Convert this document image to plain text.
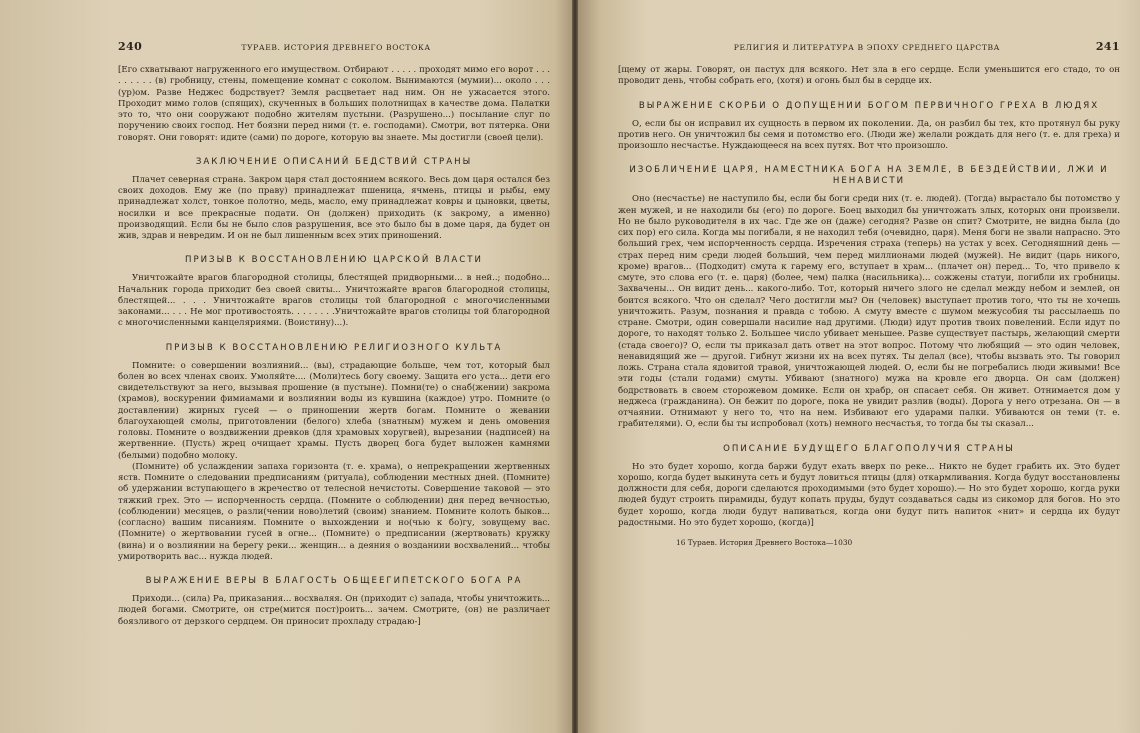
240	ТУРАЕВ. ИСТОРИЯ ДРЕВНЕГО ВОСТОКА

[Его схватывают нагруженного его имуществом. Отбирают . . . . . проходят мимо его ворот . . . . . . . . . (в) гробницу, стены, помещение комнат с соколом. Вынимаются (мумии)... около . . . (ур)ом. Разве Неджес бодрствует? Земля расцветает над ним. Он не ужасается этого. Проходит мимо голов (спящих), скученных в больших полотнищах в качестве дома. Палатки это то, что они сооружают подобно жителям пустыни. (Разрушено...) посылание слуг по поручению своих господ. Нет боязни перед ними (т. е. господами). Смотри, вот пятерка. Они говорят. Они говорят: идите (сами) по дороге, которую вы знаете. Мы достигли (своей цели).

ЗАКЛЮЧЕНИЕ ОПИСАНИЙ БЕДСТВИЙ СТРАНЫ

Плачет северная страна. Закром царя стал достоянием всякого. Весь дом царя остался без своих доходов. Ему же (по праву) принадлежат пшеница, ячмень, птицы и рыбы, ему принадлежат холст, тонкое полотно, медь, масло, ему принадлежат ковры и цыновки, цветы, носилки и все прекрасные подати. Он (должен) приходить (к закрому, а именно) производящий. Если бы не было слов разрушения, все это было бы в доме царя, да будет он жив, здрав и невредим. И он не был лишенным всех этих приношений.

ПРИЗЫВ К ВОССТАНОВЛЕНИЮ ЦАРСКОЙ ВЛАСТИ

Уничтожайте врагов благородной столицы, блестящей придворными... в ней..; подобно... Начальник города приходит без своей свиты... Уничтожайте врагов благородной столицы, блестящей... . . . Уничтожайте врагов столицы той благородной с многочисленными законами... . . . Не мог противостоять. . . . . . . .Уничтожайте врагов столицы той благородной с многочисленными канцеляриями. (Воистину)...).

ПРИЗЫВ К ВОССТАНОВЛЕНИЮ РЕЛИГИОЗНОГО КУЛЬТА

Помните: о совершении возлияний... (вы), страдающие больше, чем тот, который был болен во всех членах своих. Умоляйте.... (Моли)тесь богу своему. Защита его уста... дети его свидетельствуют за него, вызывая прошение (в пустыне). Помни(те) о снаб(жении) закрома (храмов), воскурении фимиамами и возлиянии воды из кувшина (каждое) утро. Помните (о доставлении) жирных гусей — о приношении жертв богам. Помните о жевании благоухающей смолы, приготовлении (белого) хлеба (знатным) мужем и день омовения головы. Помните о воздвижении древков (для храмовых хоругвей), вырезании (надписей) на жертвенние. (Пусть) жрец очищает храмы. Пусть дворец бога будет выложен камнями (белыми) подобно молоку.

(Помните) об услаждении запаха горизонта (т. е. храма), о непрекращении жертвенных яств. Помните о следовании предписаниям (ритуала), соблюдении местных дней. (Помните) об удержании вступающего в жречество от телесной нечистоты. Совершение таковой — это тяжкий грех. Это — испорченность сердца. (Помните о соблюдении) дня перед вечностью, (соблюдении) месяцев, о разли(чении ново)летий (своим) знанием. Помните колоть быков... (согласно) вашим писаниям. Помните о выхождении и но(чью к бо)гу, зовущему вас. (Помните) о жертвовании гусей в огне... (Помните) о предписании (жертвовать) кружку (вина) и о возлиянии на берегу реки... женщин... а деяния о возданиии восхвалений... чтобы умиротворить вас... нужда людей.

ВЫРАЖЕНИЕ ВЕРЫ В БЛАГОСТЬ ОБЩЕЕГИПЕТСКОГО БОГА РА

Приходи... (сила) Ра, приказания... восхваляя. Он (приходит с) запада, чтобы уничтожить... людей богами. Смотрите, он стре(мится пост)роить... зачем. Смотрите, (он) не различает боязливого от дерзкого сердцем. Он приносит прохладу страдаю-]

РЕЛИГИЯ И ЛИТЕРАТУРА В ЭПОХУ СРЕДНЕГО ЦАРСТВА	241

[щему от жары. Говорят, он пастух для всякого. Нет зла в его сердце. Если уменьшится его стадо, то он проводит день, чтобы собрать его, (хотя) и огонь был бы в сердце их.

ВЫРАЖЕНИЕ СКОРБИ О ДОПУЩЕНИИ БОГОМ ПЕРВИЧНОГО ГРЕХА В ЛЮДЯХ

О, если бы он исправил их сущность в первом их поколении. Да, он разбил бы тех, кто протянул бы руку против него. Он уничтожил бы семя и потомство его. (Люди же) желали рождать для него (т. е. для греха) и произошло несчастье. Нуждающееся на всех путях. Вот что произошло.

ИЗОБЛИЧЕНИЕ ЦАРЯ, НАМЕСТНИКА БОГА НА ЗЕМЛЕ, В БЕЗДЕЙСТВИИ, ЛЖИ И НЕНАВИСТИ

Оно (несчастье) не наступило бы, если бы боги среди них (т. е. людей). (Тогда) вырастало бы потомство у жен мужей, и не находили бы (его) по дороге. Боец выходил бы уничтожать злых, которых они произвели. Но не было руководителя в их час. Где же он (даже) сегодня? Разве он спит? Смотрите, не видна была (до сих пор) его сила. Когда мы погибали, я не находил тебя (очевидно, царя). Меня боги не звали напрасно. Это больший грех, чем испорченность сердца. Изречения страха (теперь) на устах у всех. Сегодняшний день — страх перед ним среди людей больший, чем перед миллионами людей (мужей). Не видит (царь никого, кроме) врагов... (Подходит) смута к гарему его, вступает в храм... (плачет он) перед... То, что привело к смуте, это слова его (т. е. царя) (более, чем) палка (насильника)... сожжены статуи, погибли их гробницы. Захвачены... Он видит день... какого-либо. Тот, который ничего злого не сделал между небом и землей, он боится всякого. Что он сделал? Чего достигли мы? Он (человек) выступает против того, что ты не хочешь уничтожить. Разум, познания и правда с тобою. А смуту вместе с шумом межусобия ты рассылаешь по стране. Смотри, один совершали насилие над другими. (Люди) идут против твоих повелений. Если идут по дороге, то находят только 2. Большее число убивает меньшее. Разве существует пастырь, желающий смерти (стада своего)? О, если ты приказал дать ответ на этот вопрос. Потому что любящий — это один человек, ненавидящий же — другой. Гибнут жизни их на всех путях. Ты делал (все), чтобы вызвать это. Ты говорил ложь. Страна стала ядовитой травой, уничтожающей людей. О, если бы не погребались люди живыми! Все эти годы (стали годами) смуты. Убивают (знатного) мужа на кровле его дворца. Он сам (должен) бодрствовать в своем сторожевом домике. Если он храбр, он спасает себя. Он живет. Отнимается дом у неджеса (гражданина). Он бежит по дороге, пока не увидит разлив (воды). Дорога у него отрезана. Он — в отчаянии. Отнимают у него то, что на нем. Избивают его ударами палки. Убиваются он теми (т. е. грабителями). О, если бы ты испробовал (хоть) немного несчастья, то тогда бы ты сказал...

ОПИСАНИЕ БУДУЩЕГО БЛАГОПОЛУЧИЯ СТРАНЫ

Но это будет хорошо, когда баржи будут ехать вверх по реке... Никто не будет грабить их. Это будет хорошо, когда будет выкинута сеть и будут ловиться птицы (для) откармливания. Когда будут восстановлены должности для себя, дороги сделаются проходимыми (это будет хорошо).— Но это будет хорошо, когда руки людей будут строить пирамиды, будут копать пруды, будут создаваться сады из сикомор для богов. Но это будет хорошо, когда люди будут напиваться, когда они будут пить напиток «нит» и сердца их будут радостными. Но это будет хорошо, (когда)]

16 Тураев. История Древнего Востока—1030
